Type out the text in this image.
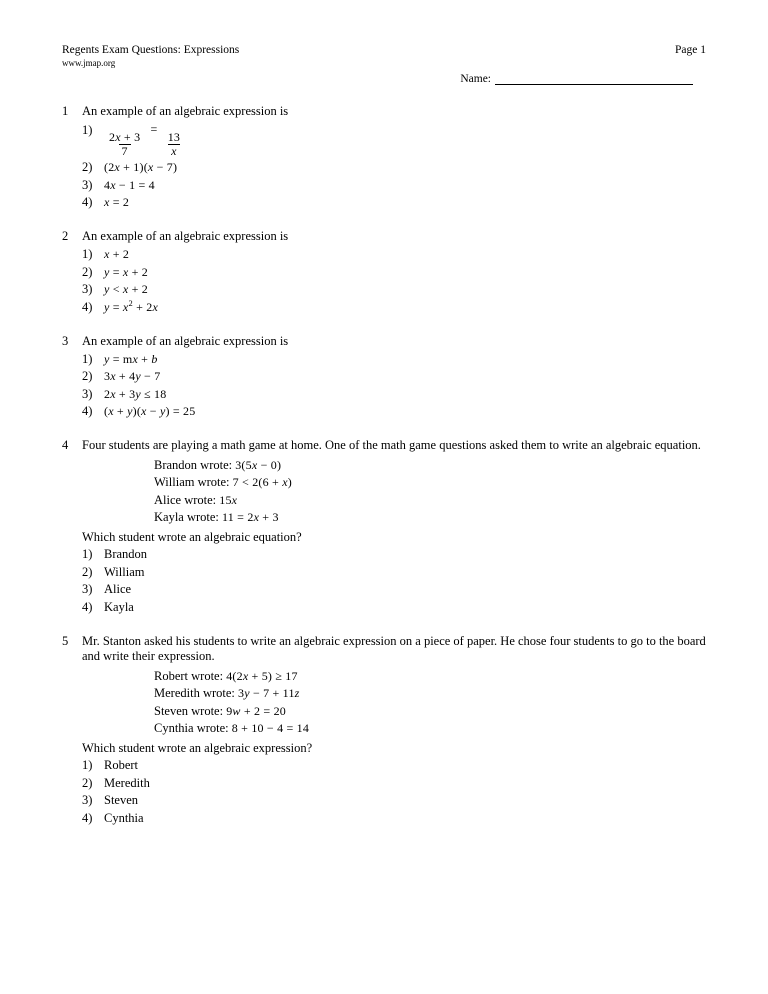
Regents Exam Questions: Expressions	Page 1
www.jmap.org
Name:
1	An example of an algebraic expression is
1)
$\frac{2x + 3}{7}$
=
$\frac{13}{x}$
2) (2x + 1)(x − 7)
3) 4x − 1 = 4
4) x = 2
2	An example of an algebraic expression is
1) x + 2
2) y = x + 2
3) y < x + 2
4) $y = x^2 + 2x$
3	An example of an algebraic expression is
1) y = mx + b
2) 3x + 4y − 7
3) 2x + 3y ≤ 18
4) (x + y)(x − y) = 25
4	Four students are playing a math game at home. One of the math game questions asked them to write an algebraic equation.
Brandon wrote: 3(5x − 0)
William wrote: 7 < 2(6 + x)
Alice wrote: 15x
Kayla wrote: 11 = 2x + 3
Which student wrote an algebraic equation?
1) Brandon
2) William
3) Alice
4) Kayla
5	Mr. Stanton asked his students to write an algebraic expression on a piece of paper. He chose four students to go to the board and write their expression.
Robert wrote: 4(2x + 5) ≥ 17
Meredith wrote: 3y − 7 + 11z
Steven wrote: 9w + 2 = 20
Cynthia wrote: 8 + 10 − 4 = 14
Which student wrote an algebraic expression?
1) Robert
2) Meredith
3) Steven
4) Cynthia
